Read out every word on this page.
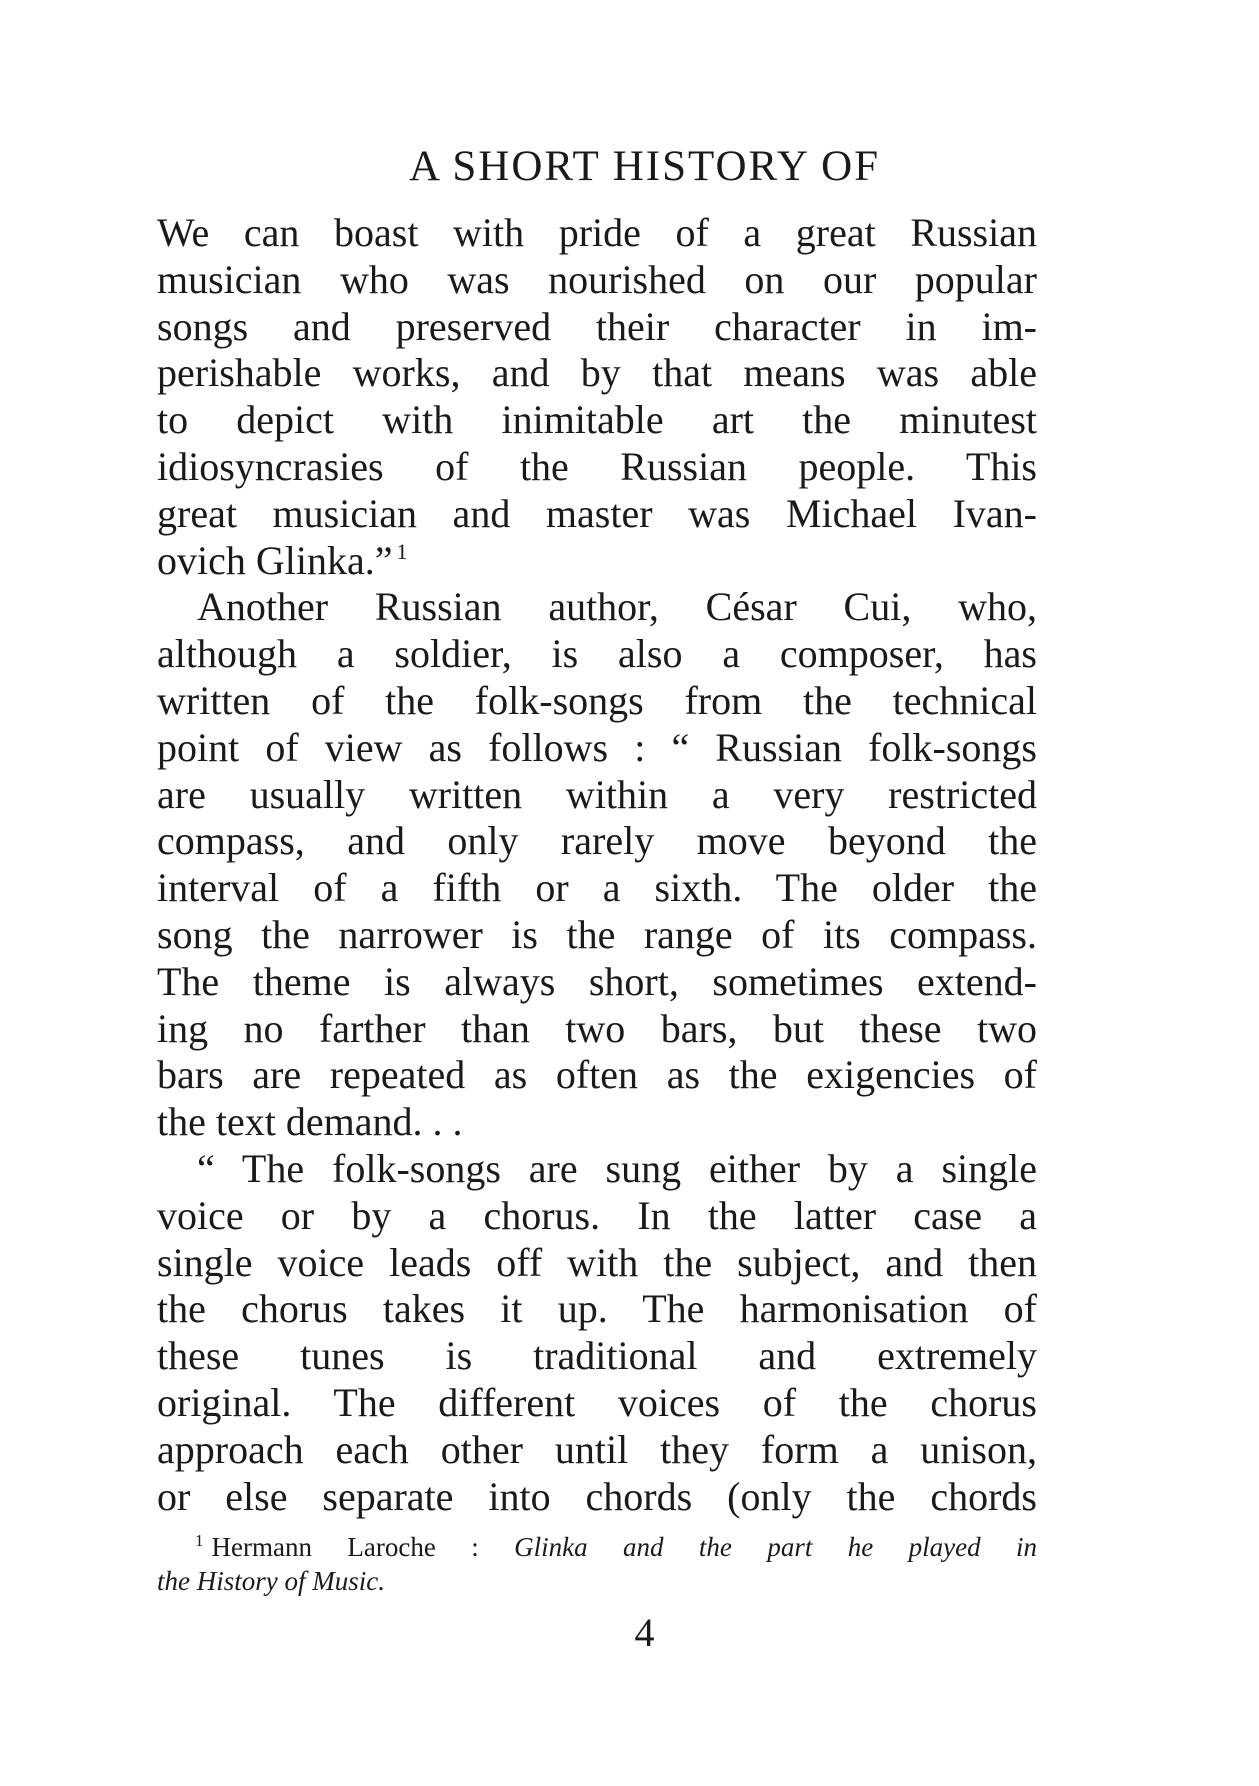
A SHORT HISTORY OF
We can boast with pride of a great Russian
musician who was nourished on our popular
songs and preserved their character in im-
perishable works, and by that means was able
to depict with inimitable art the minutest
idiosyncrasies of the Russian people. This
great musician and master was Michael Ivan-
ovich Glinka.” $^1$
Another Russian author, César Cui, who,
although a soldier, is also a composer, has
written of the folk-songs from the technical
point of view as follows : “ Russian folk-songs
are usually written within a very restricted
compass, and only rarely move beyond the
interval of a fifth or a sixth. The older the
song the narrower is the range of its compass.
The theme is always short, sometimes extend-
ing no farther than two bars, but these two
bars are repeated as often as the exigencies of
the text demand. . .
“ The folk-songs are sung either by a single
voice or by a chorus. In the latter case a
single voice leads off with the subject, and then
the chorus takes it up. The harmonisation of
these tunes is traditional and extremely
original. The different voices of the chorus
approach each other until they form a unison,
or else separate into chords (only the chords
$^1$ Hermann Laroche : Glinka and the part he played in
the History of Music.
4
